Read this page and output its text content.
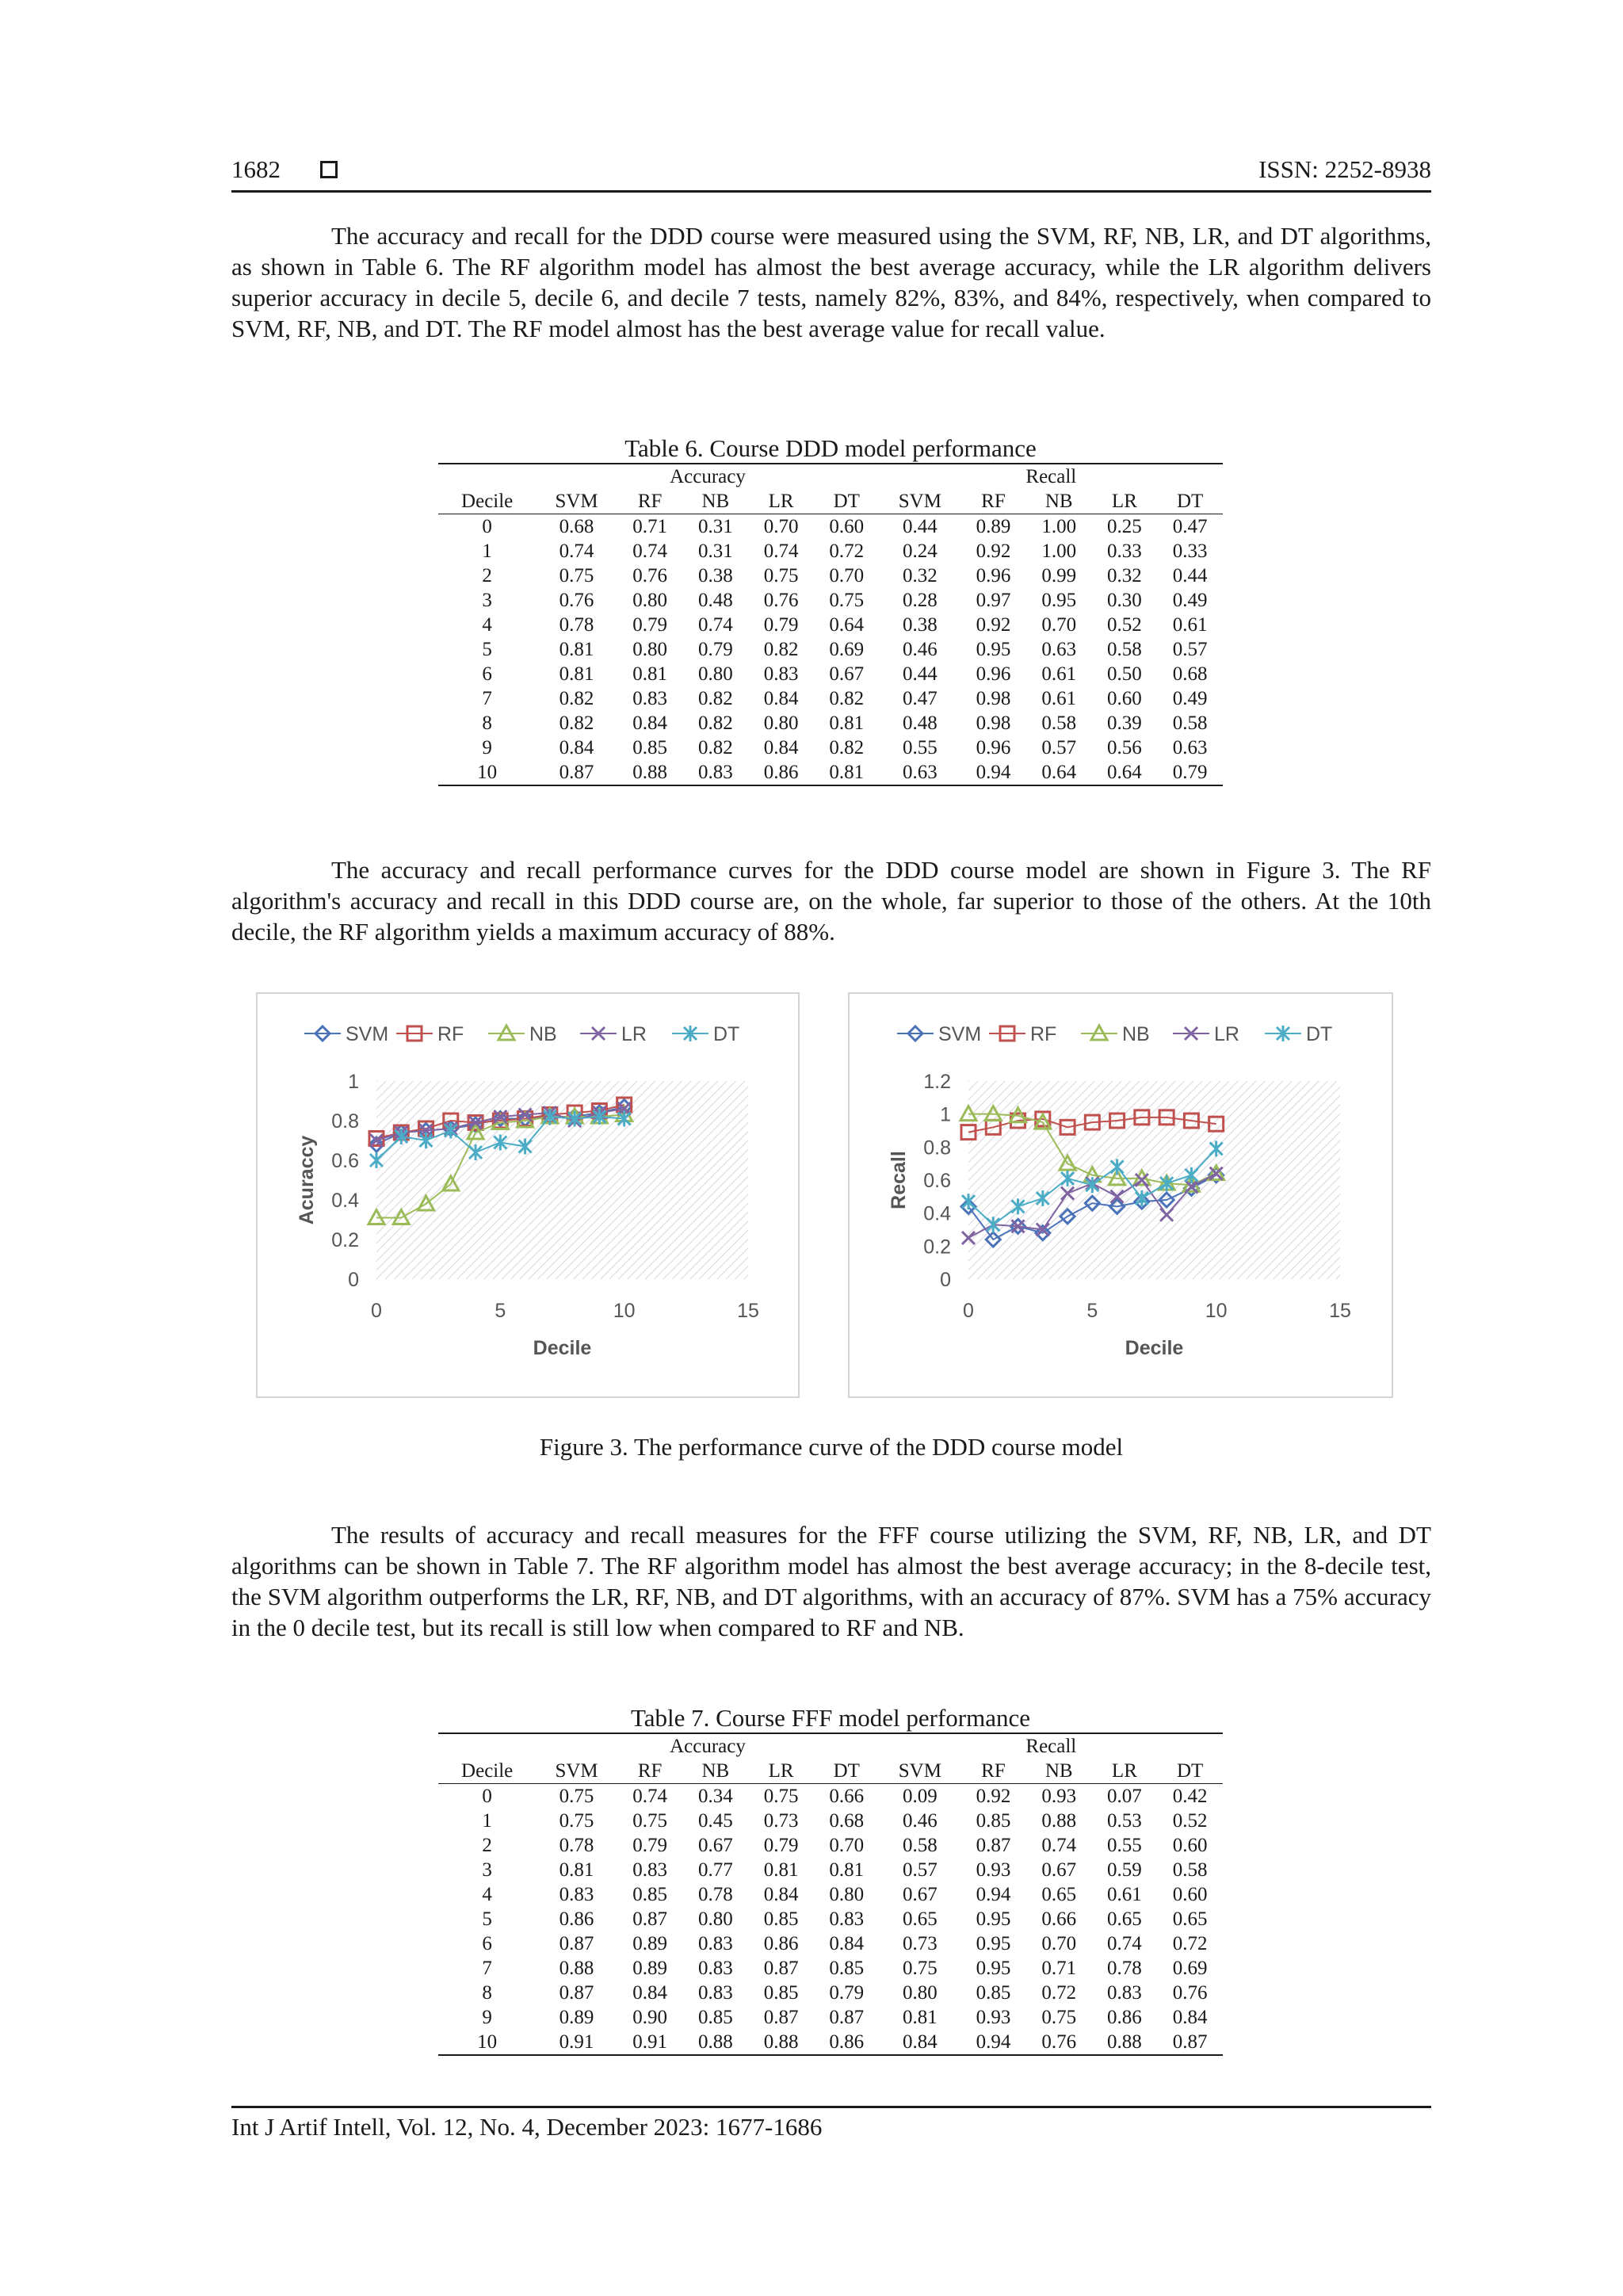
1682	ISSN: 2252-8938

The accuracy and recall for the DDD course were measured using the SVM, RF, NB, LR, and DT algorithms, as shown in Table 6. The RF algorithm model has almost the best average accuracy, while the LR algorithm delivers superior accuracy in decile 5, decile 6, and decile 7 tests, namely 82%, 83%, and 84%, respectively, when compared to SVM, RF, NB, and DT. The RF model almost has the best average value for recall value.

Table 6. Course DDD model performance

	Accuracy					Recall				
Decile	SVM	RF	NB	LR	DT	SVM	RF	NB	LR	DT
0	0.68	0.71	0.31	0.70	0.60	0.44	0.89	1.00	0.25	0.47
1	0.74	0.74	0.31	0.74	0.72	0.24	0.92	1.00	0.33	0.33
2	0.75	0.76	0.38	0.75	0.70	0.32	0.96	0.99	0.32	0.44
3	0.76	0.80	0.48	0.76	0.75	0.28	0.97	0.95	0.30	0.49
4	0.78	0.79	0.74	0.79	0.64	0.38	0.92	0.70	0.52	0.61
5	0.81	0.80	0.79	0.82	0.69	0.46	0.95	0.63	0.58	0.57
6	0.81	0.81	0.80	0.83	0.67	0.44	0.96	0.61	0.50	0.68
7	0.82	0.83	0.82	0.84	0.82	0.47	0.98	0.61	0.60	0.49
8	0.82	0.84	0.82	0.80	0.81	0.48	0.98	0.58	0.39	0.58
9	0.84	0.85	0.82	0.84	0.82	0.55	0.96	0.57	0.56	0.63
10	0.87	0.88	0.83	0.86	0.81	0.63	0.94	0.64	0.64	0.79

The accuracy and recall performance curves for the DDD course model are shown in Figure 3. The RF algorithm's accuracy and recall in this DDD course are, on the whole, far superior to those of the others. At the 10th decile, the RF algorithm yields a maximum accuracy of 88%.

0
0.2
0.4
0.6
0.8
1
0	5	10	15
Decile
Acuraccy
SVM RF	NB	LR	DT
0
0.2
0.4
0.6
0.8
1
1.2
0	5	10	15
Decile
Recall
SVM RF	NB	LR	DT

Figure 3. The performance curve of the DDD course model

The results of accuracy and recall measures for the FFF course utilizing the SVM, RF, NB, LR, and DT algorithms can be shown in Table 7. The RF algorithm model has almost the best average accuracy; in the 8-decile test, the SVM algorithm outperforms the LR, RF, NB, and DT algorithms, with an accuracy of 87%. SVM has a 75% accuracy in the 0 decile test, but its recall is still low when compared to RF and NB.

Table 7. Course FFF model performance

	Accuracy					Recall				
Decile	SVM	RF	NB	LR	DT	SVM	RF	NB	LR	DT
0	0.75	0.74	0.34	0.75	0.66	0.09	0.92	0.93	0.07	0.42
1	0.75	0.75	0.45	0.73	0.68	0.46	0.85	0.88	0.53	0.52
2	0.78	0.79	0.67	0.79	0.70	0.58	0.87	0.74	0.55	0.60
3	0.81	0.83	0.77	0.81	0.81	0.57	0.93	0.67	0.59	0.58
4	0.83	0.85	0.78	0.84	0.80	0.67	0.94	0.65	0.61	0.60
5	0.86	0.87	0.80	0.85	0.83	0.65	0.95	0.66	0.65	0.65
6	0.87	0.89	0.83	0.86	0.84	0.73	0.95	0.70	0.74	0.72
7	0.88	0.89	0.83	0.87	0.85	0.75	0.95	0.71	0.78	0.69
8	0.87	0.84	0.83	0.85	0.79	0.80	0.85	0.72	0.83	0.76
9	0.89	0.90	0.85	0.87	0.87	0.81	0.93	0.75	0.86	0.84
10	0.91	0.91	0.88	0.88	0.86	0.84	0.94	0.76	0.88	0.87
Int J Artif Intell, Vol. 12, No. 4, December 2023: 1677-1686
